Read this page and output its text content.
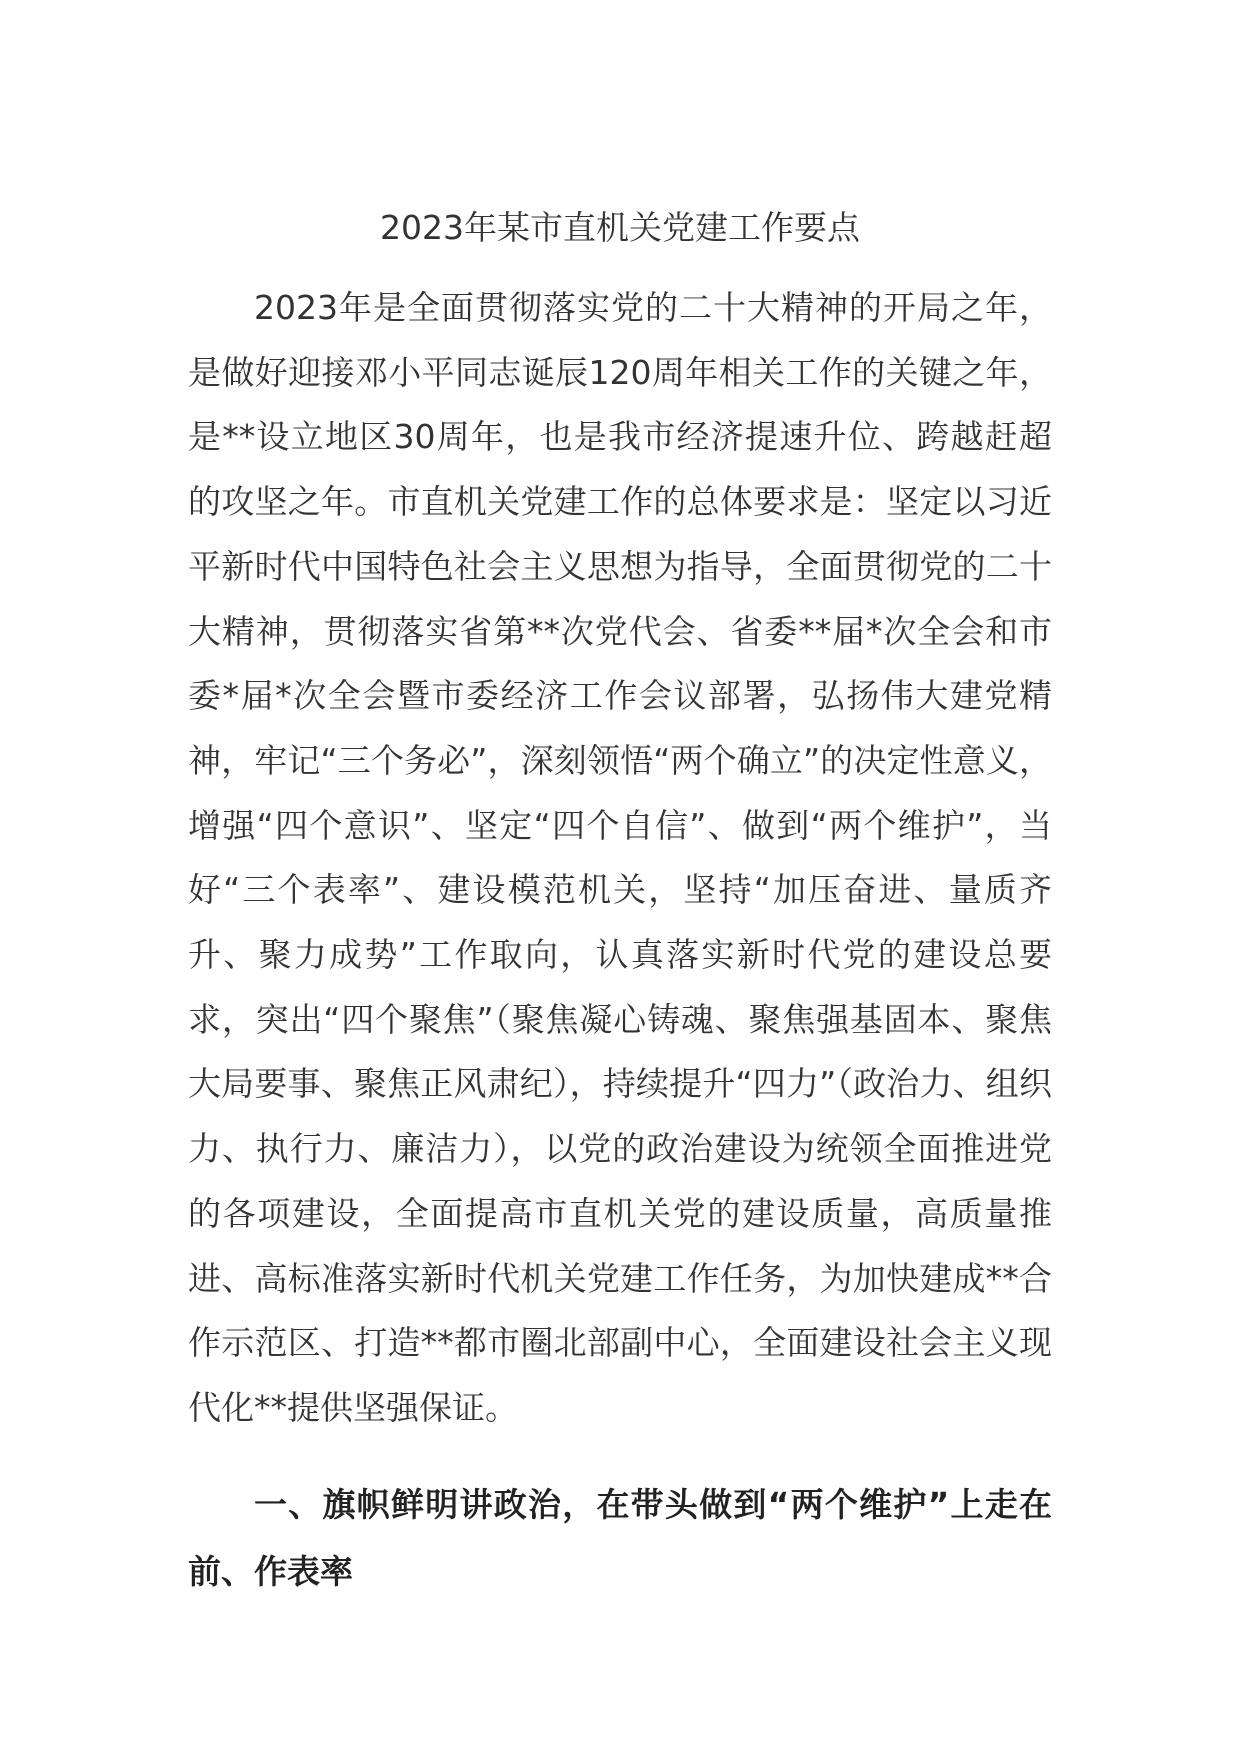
2023年某市直机关党建工作要点

2023年是全面贯彻落实党的二十大精神的开局之年，是做好迎接邓小平同志诞辰120周年相关工作的关键之年，是**设立地区30周年，也是我市经济提速升位、跨越赶超的攻坚之年。市直机关党建工作的总体要求是：坚定以习近平新时代中国特色社会主义思想为指导，全面贯彻党的二十大精神，贯彻落实省第**次党代会、省委**届*次全会和市委*届*次全会暨市委经济工作会议部署，弘扬伟大建党精神，牢记“三个务必”，深刻领悟“两个确立”的决定性意义，增强“四个意识”、坚定“四个自信”、做到“两个维护”，当好“三个表率”、建设模范机关，坚持“加压奋进、量质齐升、聚力成势”工作取向，认真落实新时代党的建设总要求，突出“四个聚焦”（聚焦凝心铸魂、聚焦强基固本、聚焦大局要事、聚焦正风肃纪），持续提升“四力”（政治力、组织力、执行力、廉洁力），以党的政治建设为统领全面推进党的各项建设，全面提高市直机关党的建设质量，高质量推进、高标准落实新时代机关党建工作任务，为加快建成**合作示范区、打造**都市圈北部副中心，全面建设社会主义现代化**提供坚强保证。

一、旗帜鲜明讲政治，在带头做到“两个维护”上走在前、作表率
